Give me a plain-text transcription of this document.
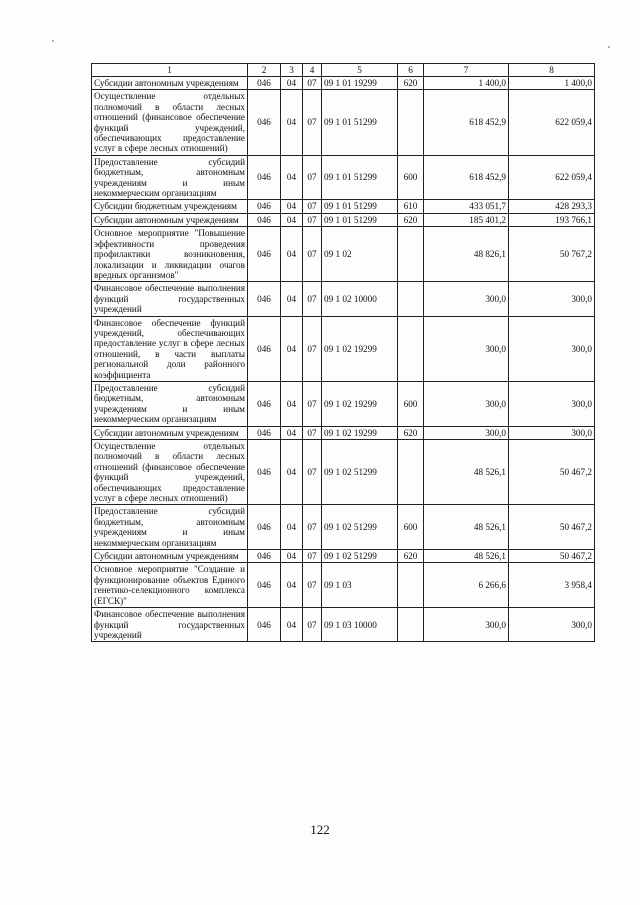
1	2	3	4	5	6	7	8
Субсидии автономным учреждениям	046	04	07	09 1 01 19299	620	1 400,0	1 400,0
Осуществление отдельных полномочий в области лесных отношений (финансовое обеспечение функций учреждений, обеспечивающих предоставление услуг в сфере лесных отношений)	046	04	07	09 1 01 51299		618 452,9	622 059,4
Предоставление субсидий бюджетным, автономным учреждениям и иным некоммерческим организациям	046	04	07	09 1 01 51299	600	618 452,9	622 059,4
Субсидии бюджетным учреждениям	046	04	07	09 1 01 51299	610	433 051,7	428 293,3
Субсидии автономным учреждениям	046	04	07	09 1 01 51299	620	185 401,2	193 766,1
Основное мероприятие "Повышение эффективности проведения профилактики возникновения, локализации и ликвидации очагов вредных организмов"	046	04	07	09 1 02		48 826,1	50 767,2
Финансовое обеспечение выполнения функций государственных учреждений	046	04	07	09 1 02 10000		300,0	300,0
Финансовое обеспечение функций учреждений, обеспечивающих предоставление услуг в сфере лесных отношений, в части выплаты региональной доли районного коэффициента	046	04	07	09 1 02 19299		300,0	300,0
Предоставление субсидий бюджетным, автономным учреждениям и иным некоммерческим организациям	046	04	07	09 1 02 19299	600	300,0	300,0
Субсидии автономным учреждениям	046	04	07	09 1 02 19299	620	300,0	300,0
Осуществление отдельных полномочий в области лесных отношений (финансовое обеспечение функций учреждений, обеспечивающих предоставление услуг в сфере лесных отношений)	046	04	07	09 1 02 51299		48 526,1	50 467,2
Предоставление субсидий бюджетным, автономным учреждениям и иным некоммерческим организациям	046	04	07	09 1 02 51299	600	48 526,1	50 467,2
Субсидии автономным учреждениям	046	04	07	09 1 02 51299	620	48 526,1	50 467,2
Основное мероприятие "Создание и функционирование объектов Единого генетико-селекционного комплекса (ЕГСК)"	046	04	07	09 1 03		6 266,6	3 958,4
Финансовое обеспечение выполнения функций государственных учреждений	046	04	07	09 1 03 10000		300,0	300,0
122
